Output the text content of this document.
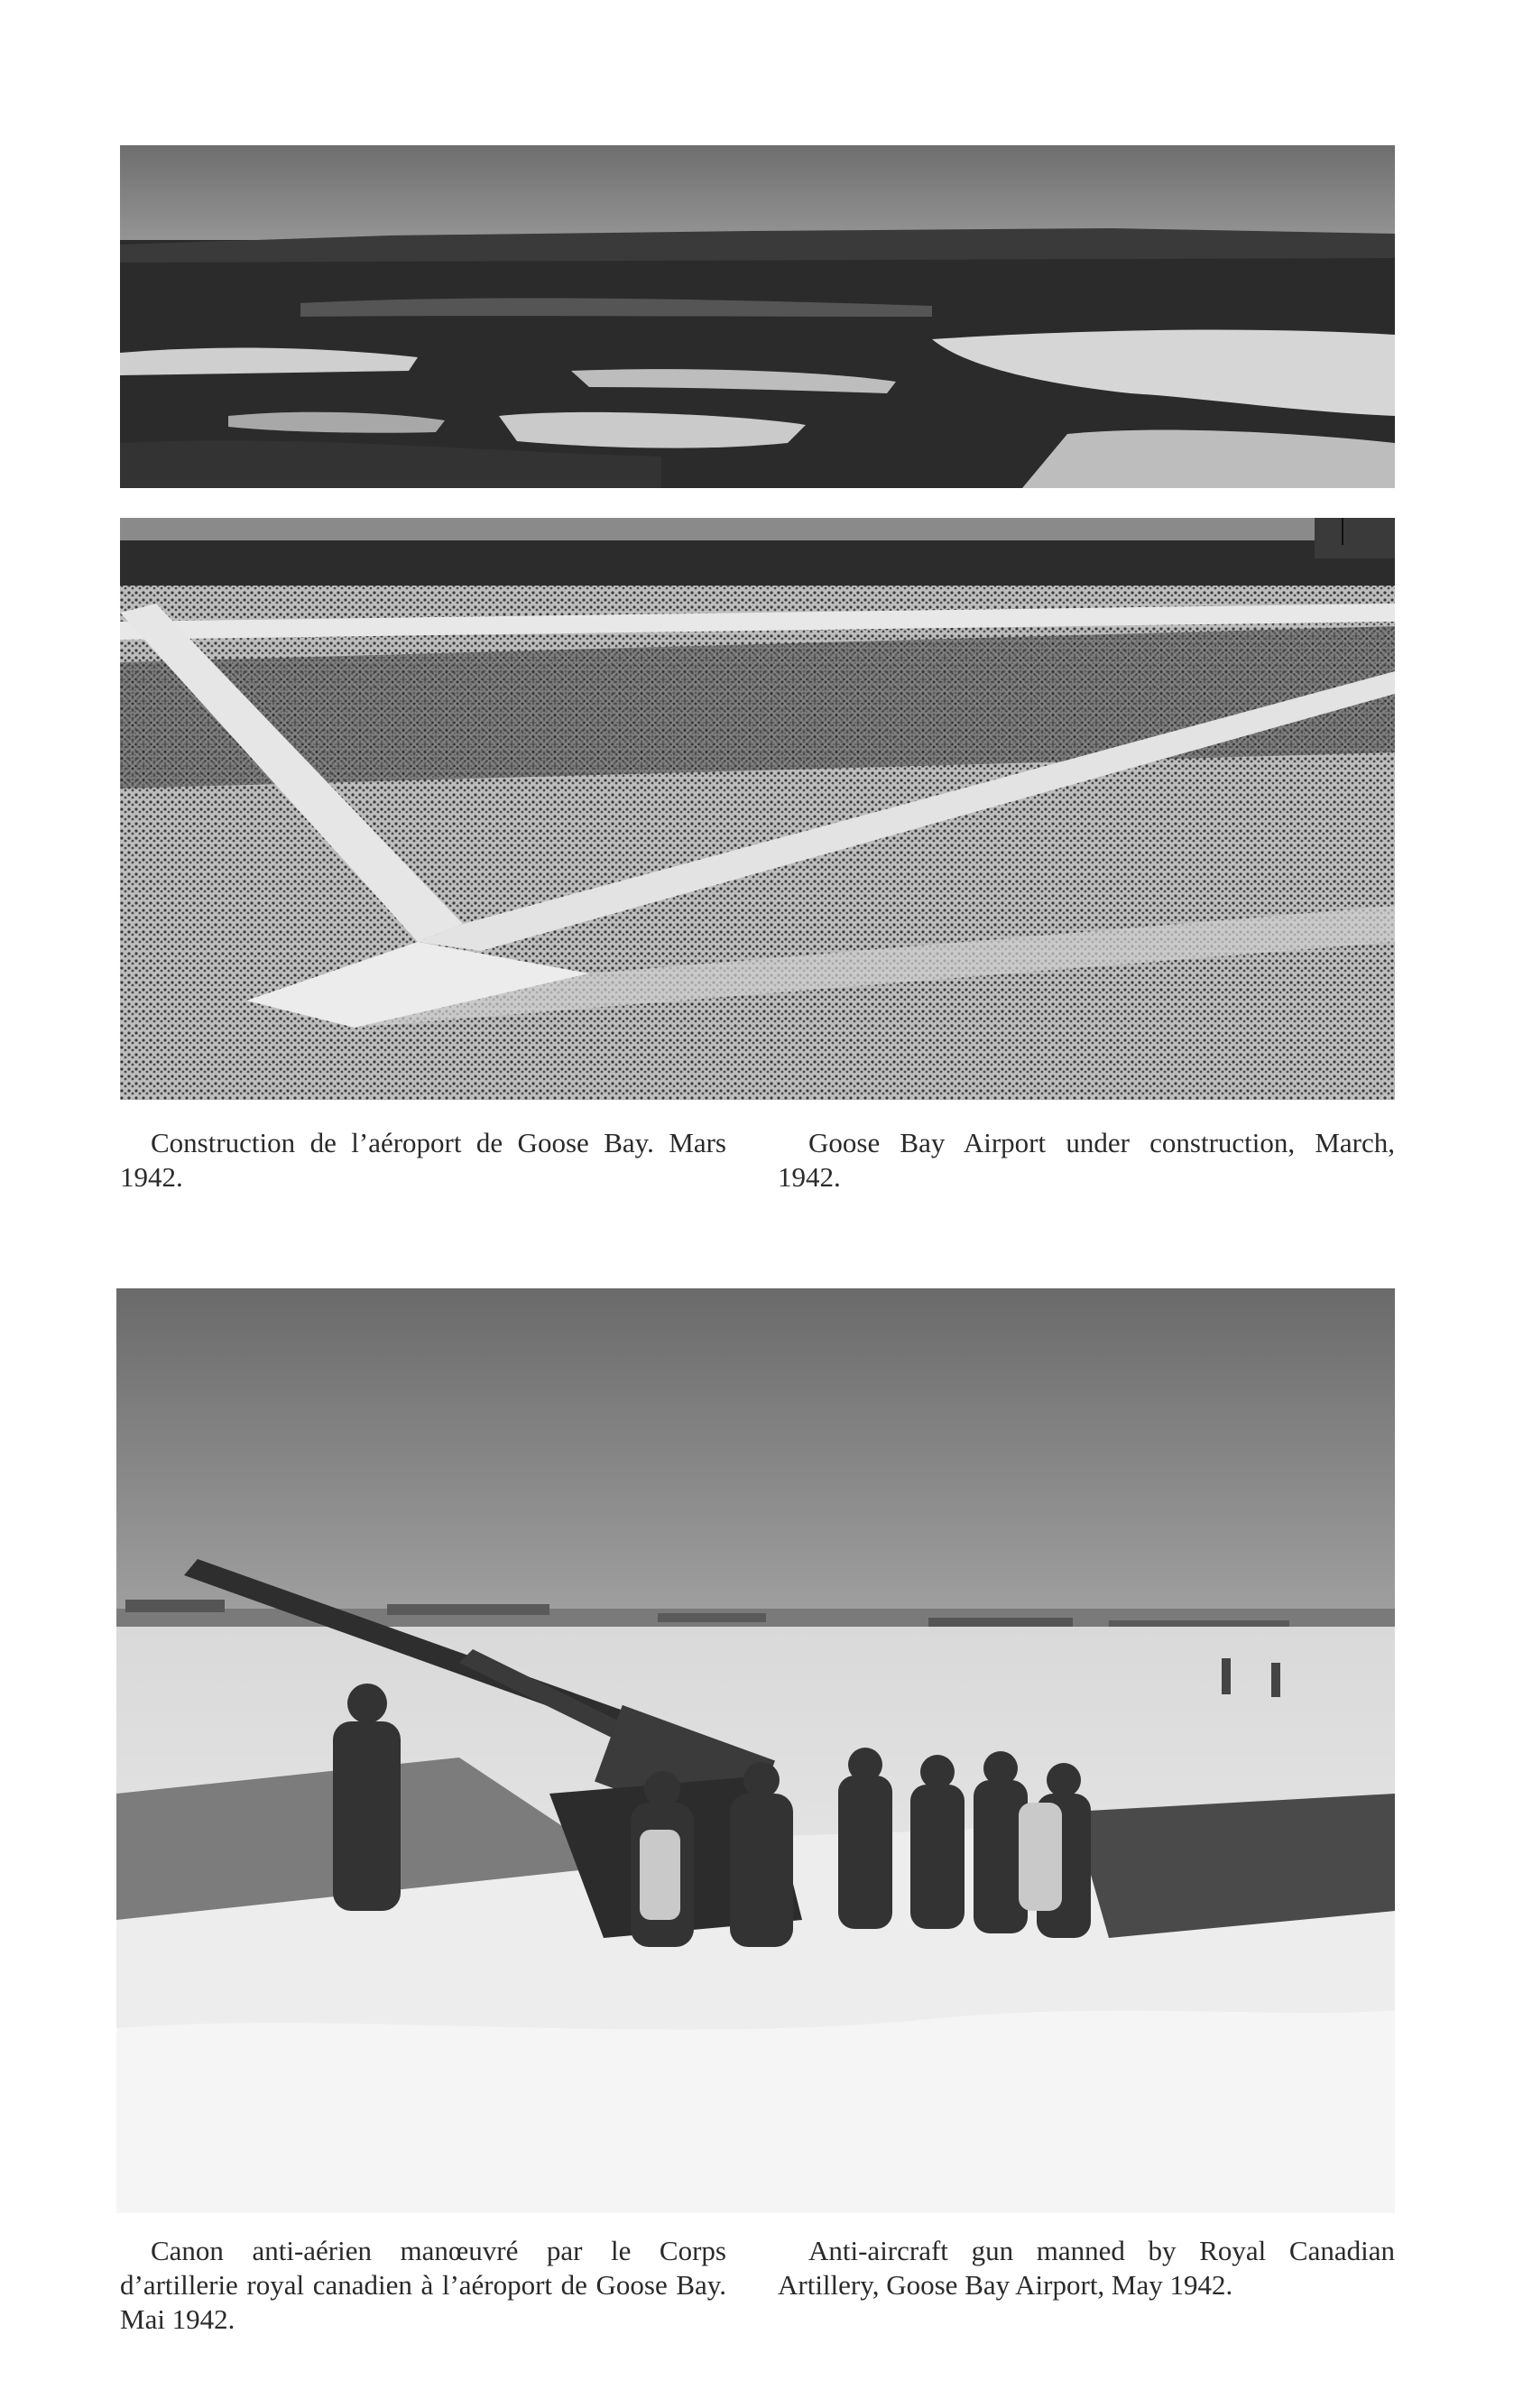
Construction de l’aéroport de Goose Bay. Mars 1942.

Goose Bay Airport under construction, March, 1942.

Canon anti-aérien manœuvré par le Corps d’artillerie royal canadien à l’aéroport de Goose Bay. Mai 1942.

Anti-aircraft gun manned by Royal Canadian Artillery, Goose Bay Airport, May 1942.
